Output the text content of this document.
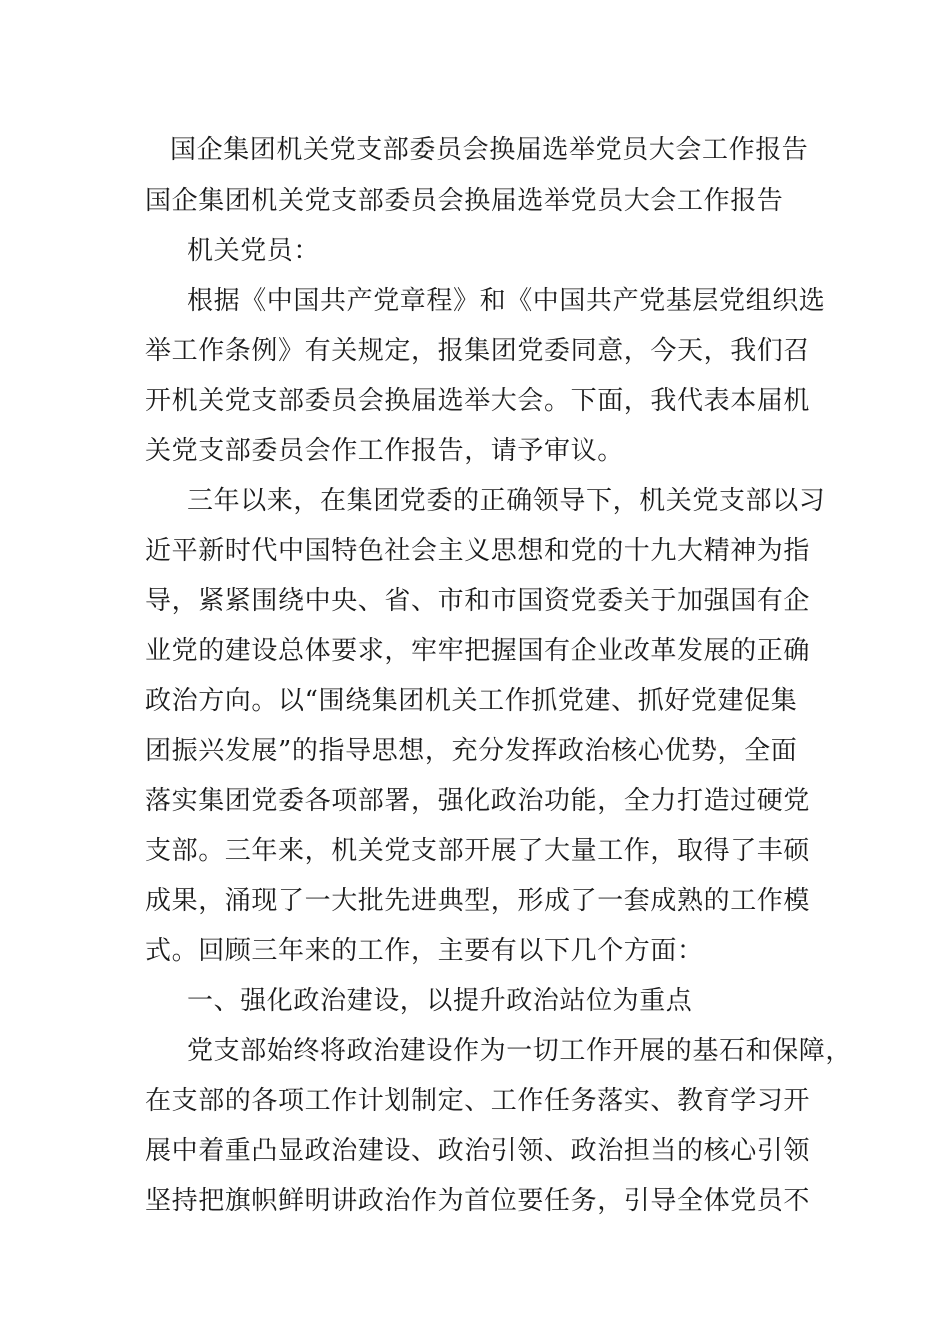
国企集团机关党支部委员会换届选举党员大会工作报告
国企集团机关党支部委员会换届选举党员大会工作报告
机关党员：
根据《中国共产党章程》和《中国共产党基层党组织选
举工作条例》有关规定，报集团党委同意，今天，我们召
开机关党支部委员会换届选举大会。下面，我代表本届机
关党支部委员会作工作报告，请予审议。
三年以来，在集团党委的正确领导下，机关党支部以习
近平新时代中国特色社会主义思想和党的十九大精神为指
导，紧紧围绕中央、省、市和市国资党委关于加强国有企
业党的建设总体要求，牢牢把握国有企业改革发展的正确
政治方向。以“围绕集团机关工作抓党建、抓好党建促集
团振兴发展”的指导思想，充分发挥政治核心优势，全面
落实集团党委各项部署，强化政治功能，全力打造过硬党
支部。三年来，机关党支部开展了大量工作，取得了丰硕
成果，涌现了一大批先进典型，形成了一套成熟的工作模
式。回顾三年来的工作，主要有以下几个方面：
一、强化政治建设，以提升政治站位为重点
党支部始终将政治建设作为一切工作开展的基石和保障，
在支部的各项工作计划制定、工作任务落实、教育学习开
展中着重凸显政治建设、政治引领、政治担当的核心引领
坚持把旗帜鲜明讲政治作为首位要任务，引导全体党员不
